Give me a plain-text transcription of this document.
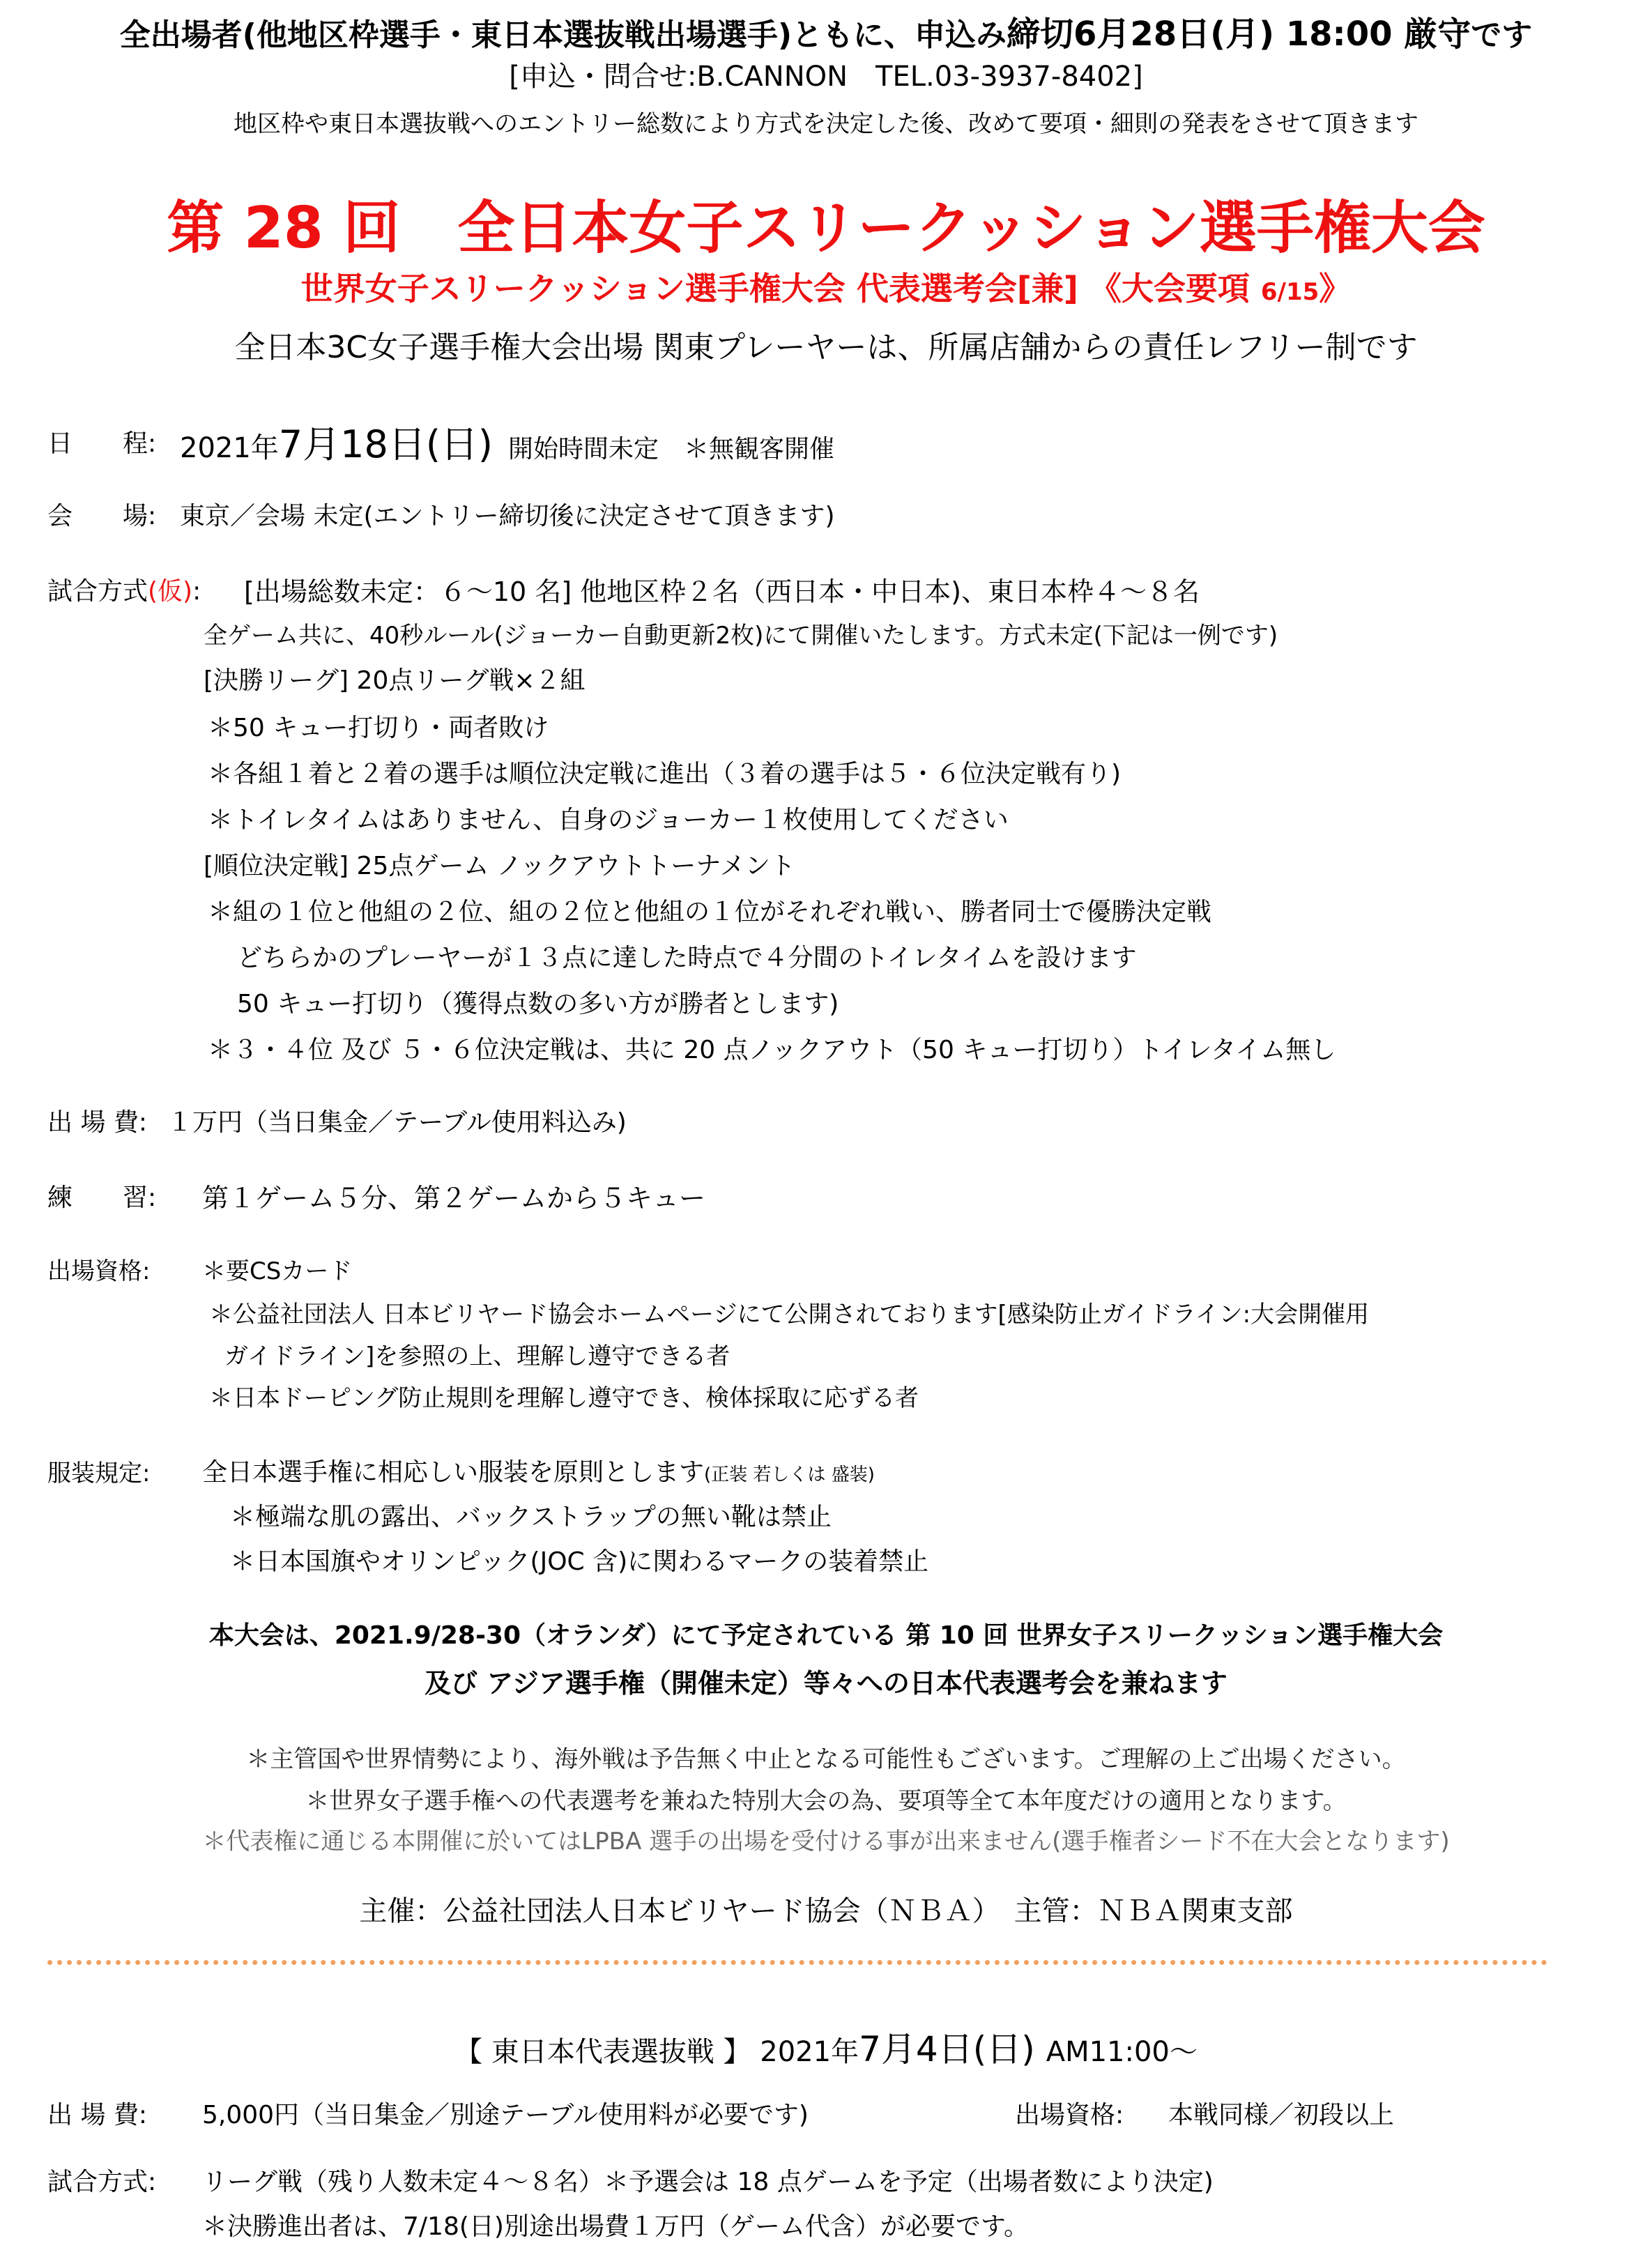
全出場者(他地区枠選手・東日本選抜戦出場選手)ともに、申込み締切6月28日(月) 18:00 厳守です
[申込・問合せ:B.CANNON　TEL.03-3937-8402]
地区枠や東日本選抜戦へのエントリー総数により方式を決定した後、改めて要項・細則の発表をさせて頂きます
第 28 回　全日本女子スリークッション選手権大会
世界女子スリークッション選手権大会 代表選考会[兼] 《大会要項 6/15》
全日本3C女子選手権大会出場 関東プレーヤーは、所属店舗からの責任レフリー制です
日　　程: 2021年7月18日(日) 開始時間未定　＊無観客開催
会　　場: 東京／会場 未定(エントリー締切後に決定させて頂きます)
試合方式(仮): [出場総数未定：６～10 名] 他地区枠２名（西日本・中日本)、東日本枠４～８名
全ゲーム共に、40秒ルール(ジョーカー自動更新2枚)にて開催いたします。方式未定(下記は一例です)
[決勝リーグ] 20点リーグ戦×２組
＊50 キュー打切り・両者敗け
＊各組１着と２着の選手は順位決定戦に進出（３着の選手は５・６位決定戦有り)
＊トイレタイムはありません、自身のジョーカー１枚使用してください
[順位決定戦] 25点ゲーム ノックアウトトーナメント
＊組の１位と他組の２位、組の２位と他組の１位がそれぞれ戦い、勝者同士で優勝決定戦
どちらかのプレーヤーが１３点に達した時点で４分間のトイレタイムを設けます
50 キュー打切り（獲得点数の多い方が勝者とします)
＊３・４位 及び ５・６位決定戦は、共に 20 点ノックアウト（50 キュー打切り）トイレタイム無し
出 場 費: １万円（当日集金／テーブル使用料込み)
練　　習: 第１ゲーム５分、第２ゲームから５キュー
出場資格: ＊要CSカード
＊公益社団法人 日本ビリヤード協会ホームページにて公開されております[感染防止ガイドライン:大会開催用
ガイドライン]を参照の上、理解し遵守できる者
＊日本ドーピング防止規則を理解し遵守でき、検体採取に応ずる者
服装規定: 全日本選手権に相応しい服装を原則とします(正装 若しくは 盛装)
＊極端な肌の露出、バックストラップの無い靴は禁止
＊日本国旗やオリンピック(JOC 含)に関わるマークの装着禁止
本大会は、2021.9/28-30（オランダ）にて予定されている 第 10 回 世界女子スリークッション選手権大会
及び アジア選手権（開催未定）等々への日本代表選考会を兼ねます
＊主管国や世界情勢により、海外戦は予告無く中止となる可能性もございます。ご理解の上ご出場ください。
＊世界女子選手権への代表選考を兼ねた特別大会の為、要項等全て本年度だけの適用となります。
＊代表権に通じる本開催に於いてはLPBA 選手の出場を受付ける事が出来ません(選手権者シード不在大会となります)
主催：公益社団法人日本ビリヤード協会（ＮＢＡ）　主管：ＮＢＡ関東支部
【 東日本代表選抜戦 】 2021年7月4日(日) AM11:00～
出 場 費: 5,000円（当日集金／別途テーブル使用料が必要です)	出場資格: 本戦同様／初段以上
試合方式: リーグ戦（残り人数未定４～８名）＊予選会は 18 点ゲームを予定（出場者数により決定)
＊決勝進出者は、7/18(日)別途出場費１万円（ゲーム代含）が必要です。
